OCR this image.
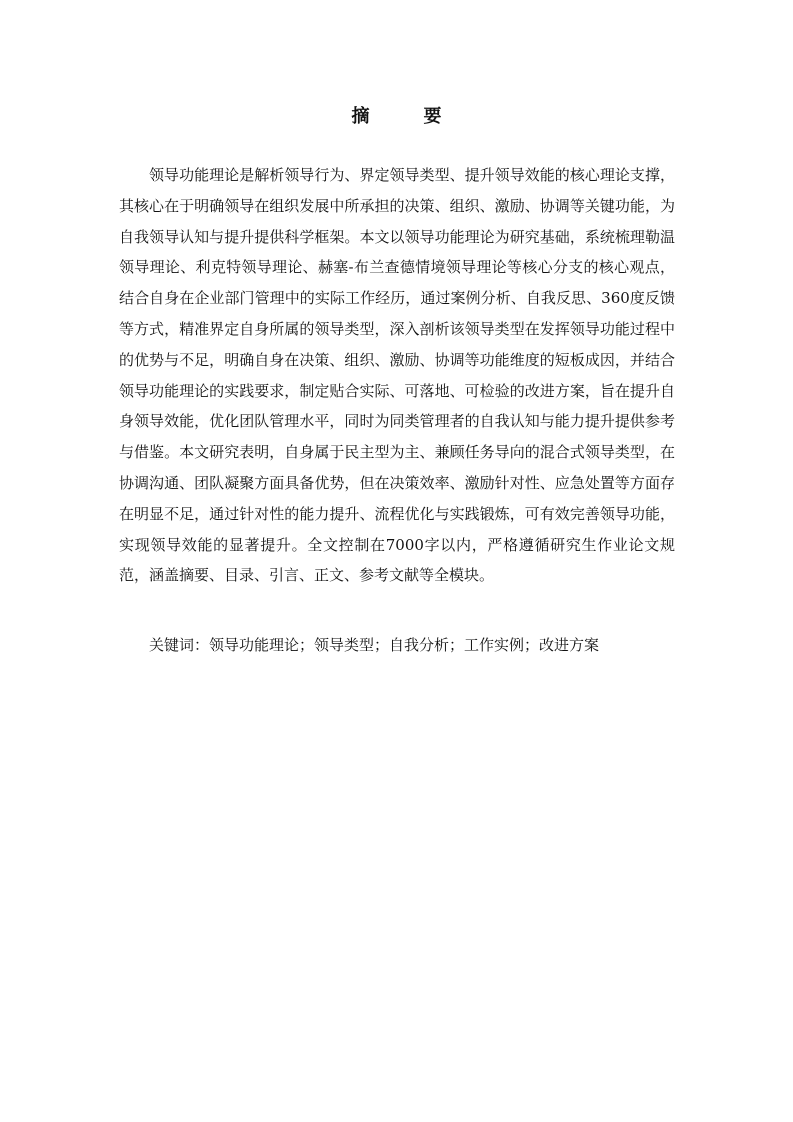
摘　要

领导功能理论是解析领导行为、界定领导类型、提升领导效能的核心理论支撑，其核心在于明确领导在组织发展中所承担的决策、组织、激励、协调等关键功能，为自我领导认知与提升提供科学框架。本文以领导功能理论为研究基础，系统梳理勒温领导理论、利克特领导理论、赫塞-布兰查德情境领导理论等核心分支的核心观点，结合自身在企业部门管理中的实际工作经历，通过案例分析、自我反思、360度反馈等方式，精准界定自身所属的领导类型，深入剖析该领导类型在发挥领导功能过程中的优势与不足，明确自身在决策、组织、激励、协调等功能维度的短板成因，并结合领导功能理论的实践要求，制定贴合实际、可落地、可检验的改进方案，旨在提升自身领导效能，优化团队管理水平，同时为同类管理者的自我认知与能力提升提供参考与借鉴。本文研究表明，自身属于民主型为主、兼顾任务导向的混合式领导类型，在协调沟通、团队凝聚方面具备优势，但在决策效率、激励针对性、应急处置等方面存在明显不足，通过针对性的能力提升、流程优化与实践锻炼，可有效完善领导功能，实现领导效能的显著提升。全文控制在7000字以内，严格遵循研究生作业论文规范，涵盖摘要、目录、引言、正文、参考文献等全模块。

关键词：领导功能理论；领导类型；自我分析；工作实例；改进方案
